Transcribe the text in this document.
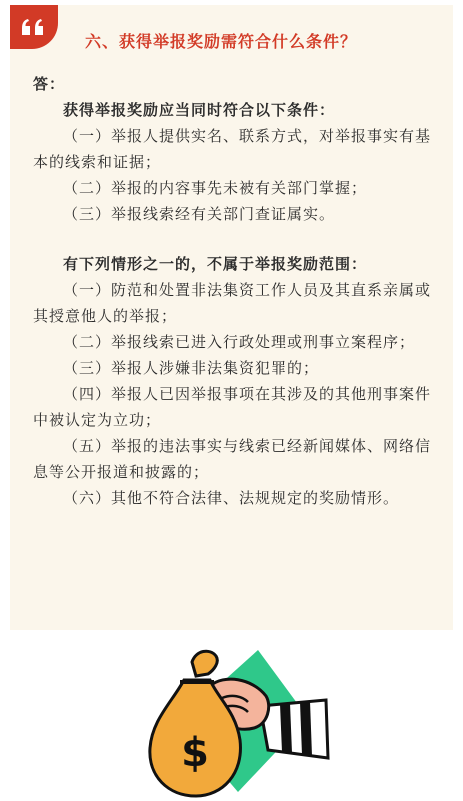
六、获得举报奖励需符合什么条件？

答：

获得举报奖励应当同时符合以下条件：

（一）举报人提供实名、联系方式，对举报事实有基本的线索和证据；

（二）举报的内容事先未被有关部门掌握；

（三）举报线索经有关部门查证属实。

有下列情形之一的，不属于举报奖励范围：

（一）防范和处置非法集资工作人员及其直系亲属或其授意他人的举报；

（二）举报线索已进入行政处理或刑事立案程序；

（三）举报人涉嫌非法集资犯罪的；

（四）举报人已因举报事项在其涉及的其他刑事案件中被认定为立功；

（五）举报的违法事实与线索已经新闻媒体、网络信息等公开报道和披露的；

（六）其他不符合法律、法规规定的奖励情形。

$
